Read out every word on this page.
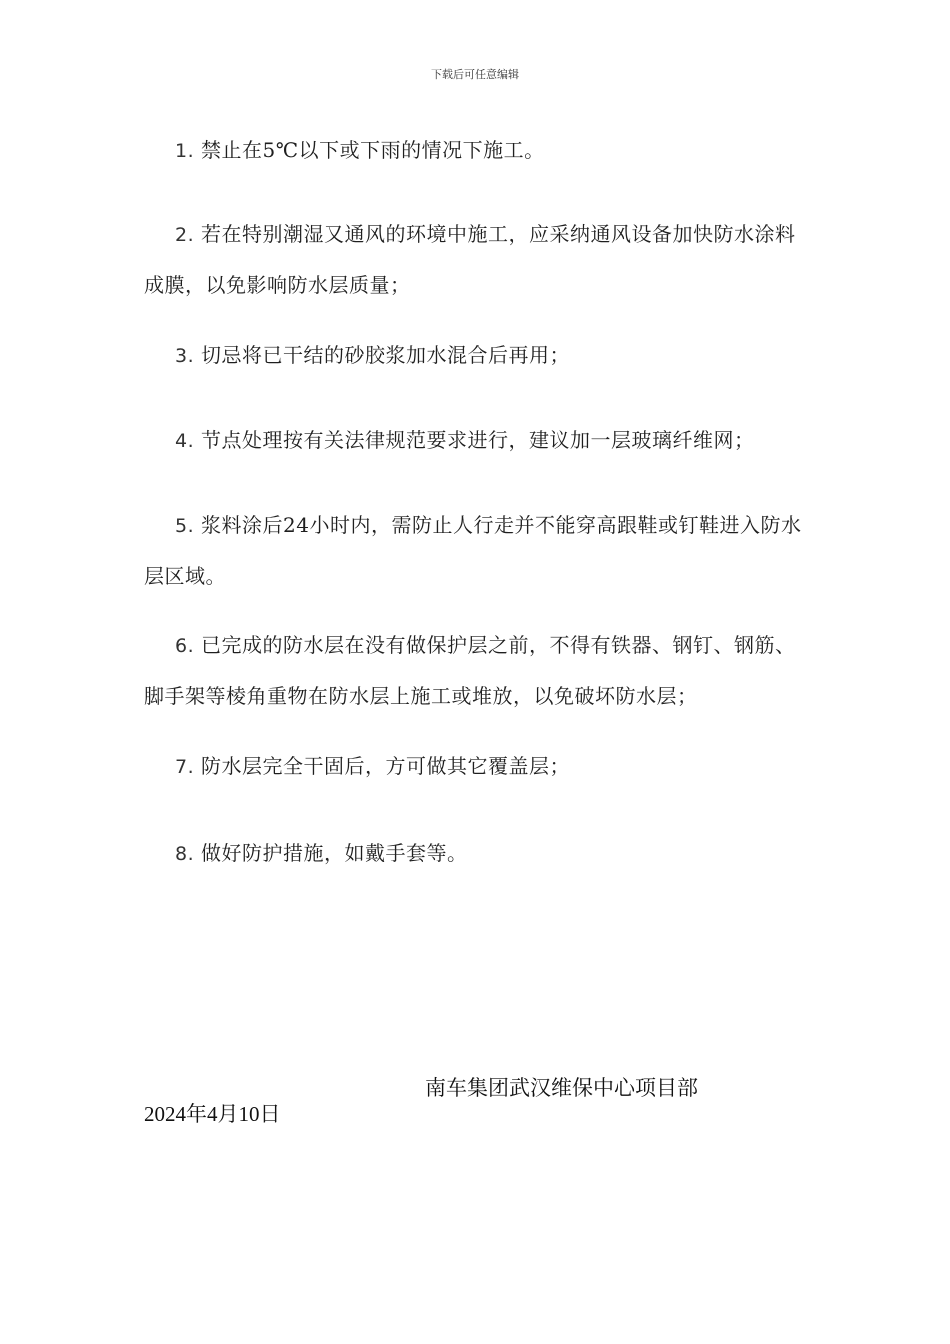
下载后可任意编辑
1. 禁止在5℃以下或下雨的情况下施工。
2. 若在特别潮湿又通风的环境中施工，应采纳通风设备加快防水涂料成膜，以免影响防水层质量；
3. 切忌将已干结的砂胶浆加水混合后再用；
4. 节点处理按有关法律规范要求进行，建议加一层玻璃纤维网；
5. 浆料涂后24小时内，需防止人行走并不能穿高跟鞋或钉鞋进入防水层区域。
6. 已完成的防水层在没有做保护层之前，不得有铁器、钢钉、钢筋、脚手架等棱角重物在防水层上施工或堆放，以免破坏防水层；
7. 防水层完全干固后，方可做其它覆盖层；
8. 做好防护措施，如戴手套等。
南车集团武汉维保中心项目部
2024年4月10日
